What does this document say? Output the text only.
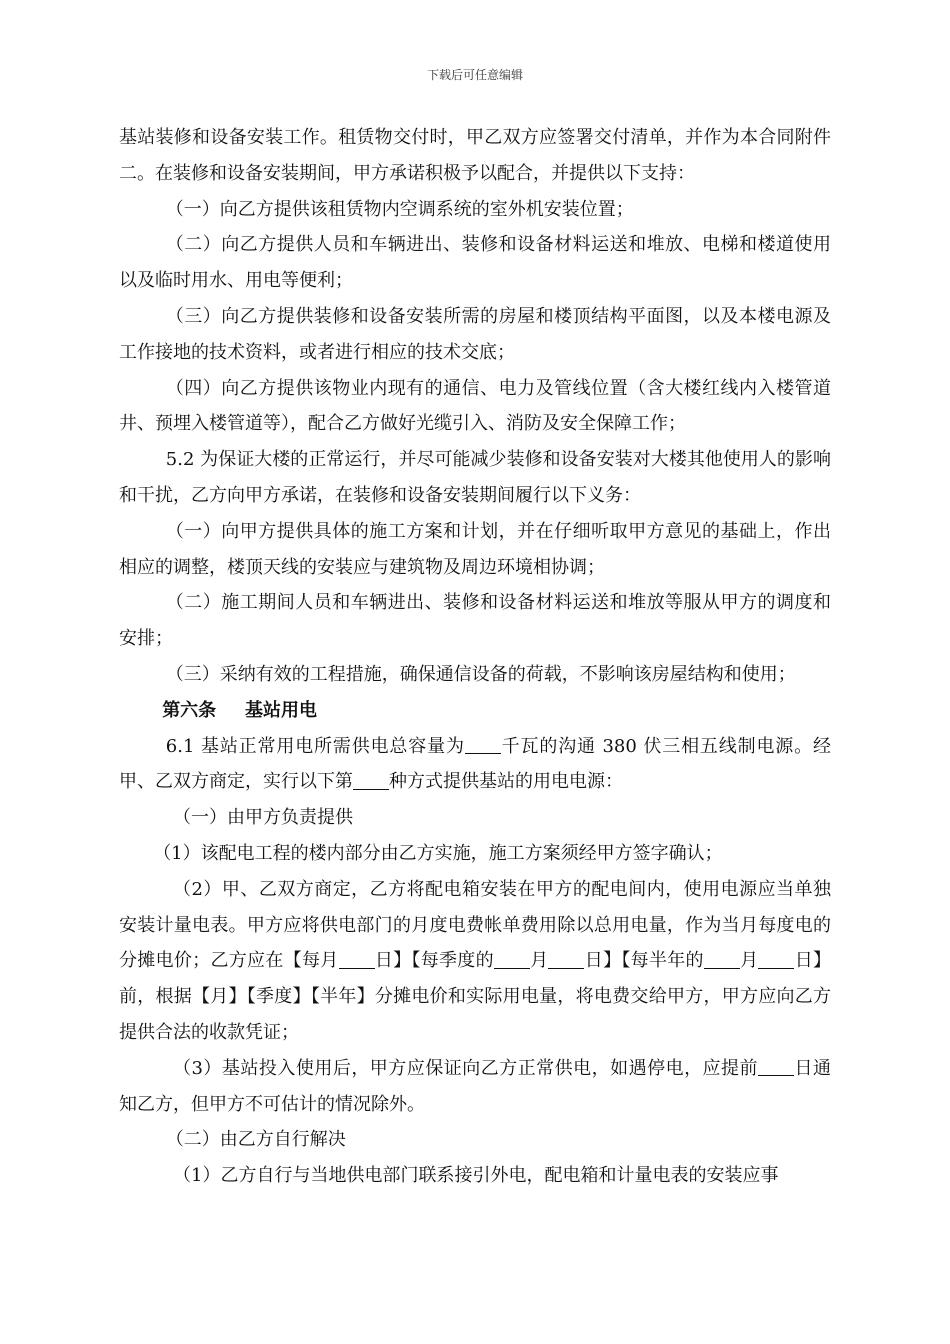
下载后可任意编辑

基站装修和设备安装工作。租赁物交付时，甲乙双方应签署交付清单，并作为本合同附件二。在装修和设备安装期间，甲方承诺积极予以配合，并提供以下支持：

（一）向乙方提供该租赁物内空调系统的室外机安装位置；

（二）向乙方提供人员和车辆进出、装修和设备材料运送和堆放、电梯和楼道使用以及临时用水、用电等便利；

（三）向乙方提供装修和设备安装所需的房屋和楼顶结构平面图，以及本楼电源及工作接地的技术资料，或者进行相应的技术交底；

（四）向乙方提供该物业内现有的通信、电力及管线位置（含大楼红线内入楼管道井、预埋入楼管道等），配合乙方做好光缆引入、消防及安全保障工作；

5.2 为保证大楼的正常运行，并尽可能减少装修和设备安装对大楼其他使用人的影响和干扰，乙方向甲方承诺，在装修和设备安装期间履行以下义务：

（一）向甲方提供具体的施工方案和计划，并在仔细听取甲方意见的基础上，作出相应的调整，楼顶天线的安装应与建筑物及周边环境相协调；

（二）施工期间人员和车辆进出、装修和设备材料运送和堆放等服从甲方的调度和安排；

（三）采纳有效的工程措施，确保通信设备的荷载，不影响该房屋结构和使用；

第六条 基站用电

6.1 基站正常用电所需供电总容量为 千瓦的沟通 380 伏三相五线制电源。经甲、乙双方商定，实行以下第 种方式提供基站的用电电源：

（一）由甲方负责提供

（1）该配电工程的楼内部分由乙方实施，施工方案须经甲方签字确认；

（2）甲、乙双方商定，乙方将配电箱安装在甲方的配电间内，使用电源应当单独安装计量电表。甲方应将供电部门的月度电费帐单费用除以总用电量，作为当月每度电的分摊电价；乙方应在【每月 日】【每季度的 月 日】【每半年的 月 日】前，根据【月】【季度】【半年】分摊电价和实际用电量，将电费交给甲方，甲方应向乙方提供合法的收款凭证；

（3）基站投入使用后，甲方应保证向乙方正常供电，如遇停电，应提前 日通知乙方，但甲方不可估计的情况除外。

（二）由乙方自行解决

（1）乙方自行与当地供电部门联系接引外电，配电箱和计量电表的安装应事
